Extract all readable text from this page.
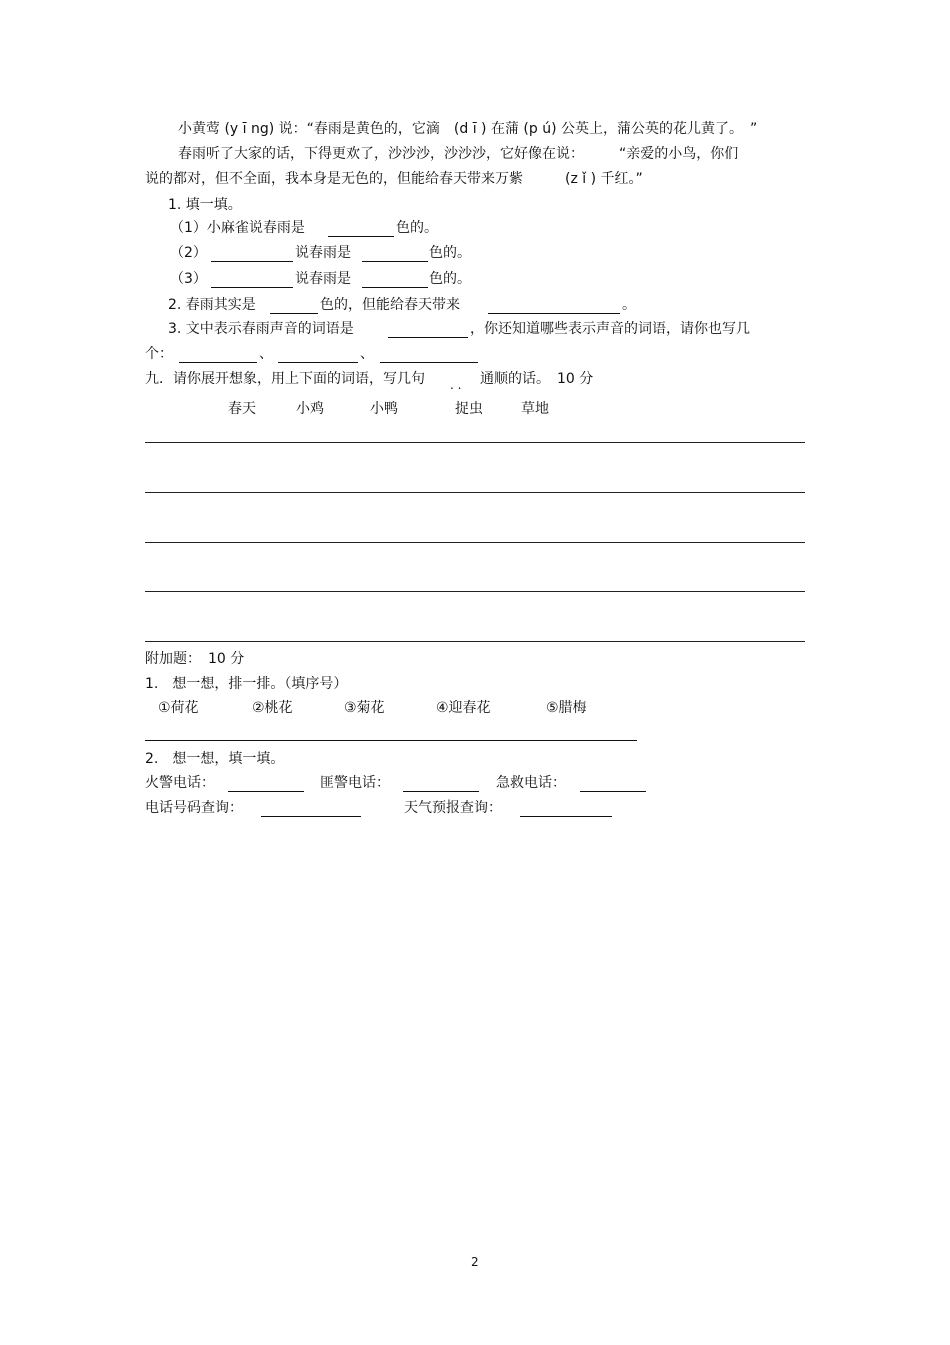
小黄莺 (y ī ng) 说：“春雨是黄色的，它滴　(d ī ) 在蒲 (p ú) 公英上，蒲公英的花儿黄了。　”
春雨听了大家的话，下得更欢了，沙沙沙，沙沙沙，它好像在说：　　　“亲爱的小鸟，你们
说的都对，但不全面，我本身是无色的，但能给春天带来万紫　　　(z ǐ ) 千红。”
1. 填一填。
（1）小麻雀说春雨是	色的。
（2）	说春雨是	色的。
（3）	说春雨是	色的。
2. 春雨其实是	色的，但能给春天带来	。
3. 文中表示春雨声音的词语是	，你还知道哪些表示声音的词语，请你也写几
个：	、	、
九．请你展开想象，用上下面的词语，写几句 . . 通顺的话。　10 分
春天	小鸡	小鸭	捉虫	草地
附加题：　10 分
1.　想一想，排一排。（填序号）
①荷花	②桃花	③菊花	④迎春花	⑤腊梅
2.　想一想，填一填。
火警电话：	匪警电话：	急救电话：
电话号码查询：	天气预报查询：
2
